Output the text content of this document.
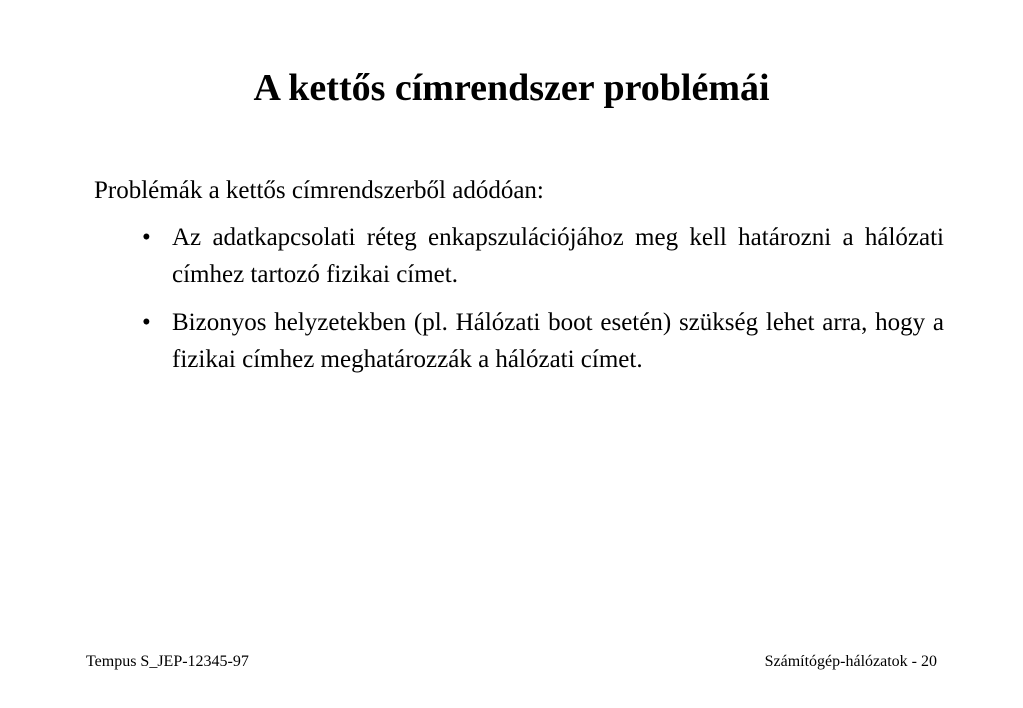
A kettős címrendszer problémái

Problémák a kettős címrendszerből adódóan:

• Az adatkapcsolati réteg enkapszulációjához meg kell határozni a hálózati címhez tartozó fizikai címet.
• Bizonyos helyzetekben (pl. Hálózati boot esetén) szükség lehet arra, hogy a fizikai címhez meghatározzák a hálózati címet.
Tempus S_JEP-12345-97	Számítógép-hálózatok - 20
